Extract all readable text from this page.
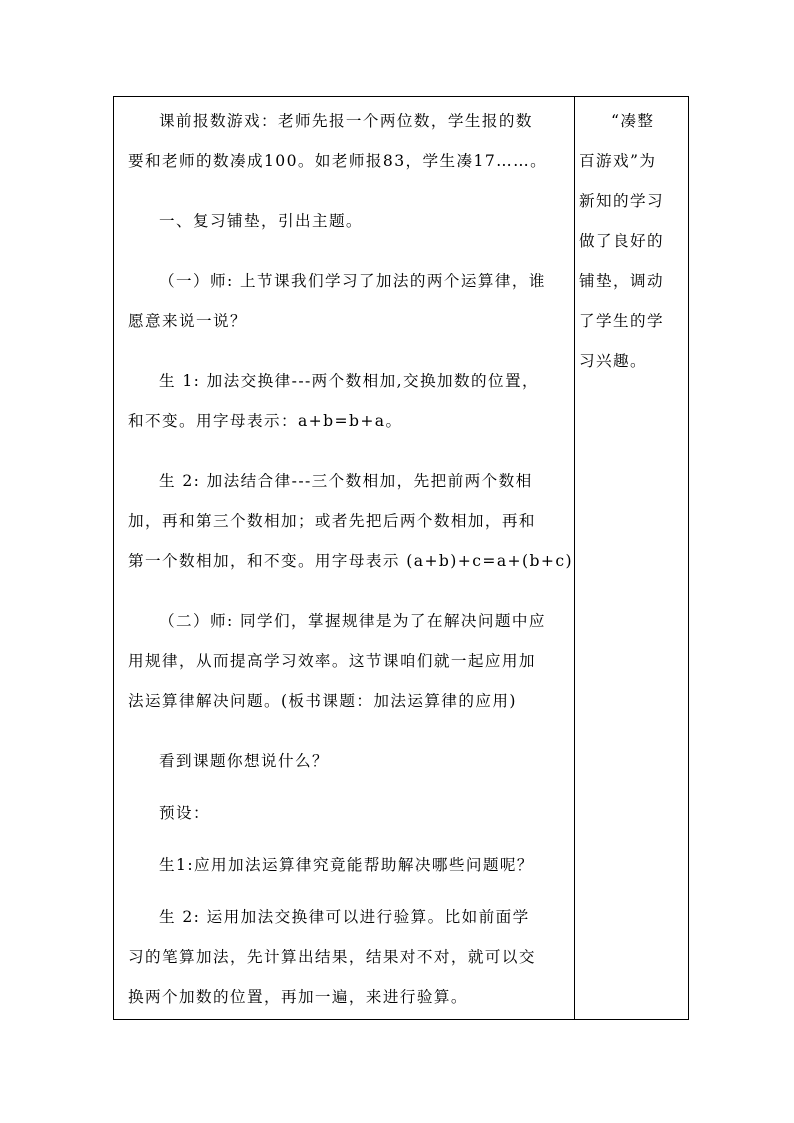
课前报数游戏：老师先报一个两位数，学生报的数
要和老师的数凑成100。如老师报83，学生凑17……。

一、复习铺垫，引出主题。

（一）师: 上节课我们学习了加法的两个运算律，谁
愿意来说一说？

生 1: 加法交换律---两个数相加,交换加数的位置，
和不变。用字母表示：a+b=b+a。

生 2: 加法结合律---三个数相加，先把前两个数相
加，再和第三个数相加；或者先把后两个数相加，再和
第一个数相加，和不变。用字母表示 (a+b)+c=a+(b+c)

（二）师: 同学们，掌握规律是为了在解决问题中应
用规律，从而提高学习效率。这节课咱们就一起应用加
法运算律解决问题。(板书课题：加法运算律的应用)

看到课题你想说什么？

预设：

生1:应用加法运算律究竟能帮助解决哪些问题呢？

生 2: 运用加法交换律可以进行验算。比如前面学
习的笔算加法，先计算出结果，结果对不对，就可以交
换两个加数的位置，再加一遍，来进行验算。

“凑整
百游戏”为
新知的学习
做了良好的
铺垫，调动
了学生的学
习兴趣。
